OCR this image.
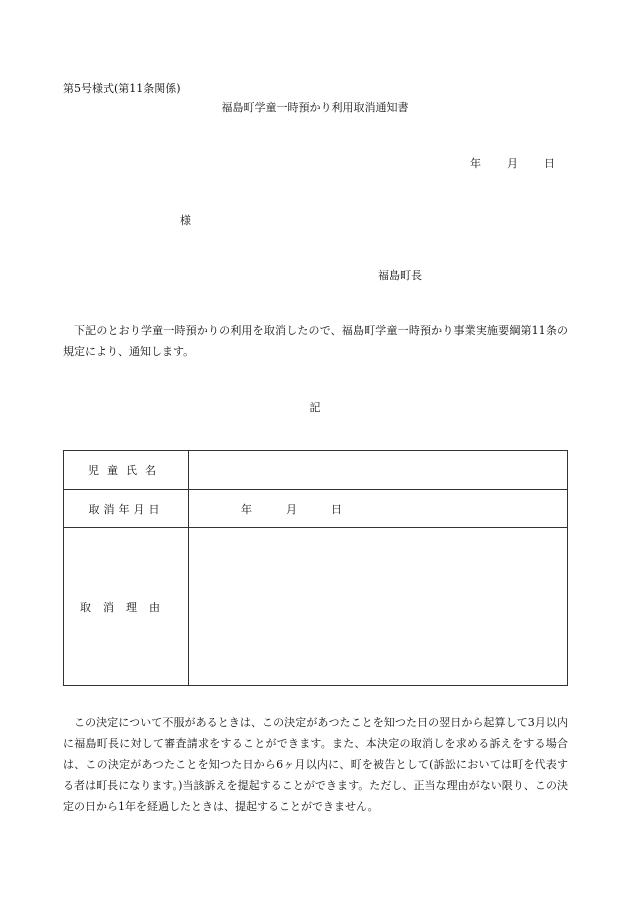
第5号様式(第11条関係)
福島町学童一時預かり利用取消通知書
年 月 日
様
福島町長
下記のとおり学童一時預かりの利用を取消したので、福島町学童一時預かり事業実施要綱第11条の規定により、通知します。
記
児童氏名	
取消年月日	年 月 日
取消理由	
この決定について不服があるときは、この決定があつたことを知つた日の翌日から起算して3月以内に福島町長に対して審査請求をすることができます。また、本決定の取消しを求める訴えをする場合は、この決定があつたことを知つた日から6ヶ月以内に、町を被告として(訴訟においては町を代表する者は町長になります。)当該訴えを提起することができます。ただし、正当な理由がない限り、この決定の日から1年を経過したときは、提起することができません。
